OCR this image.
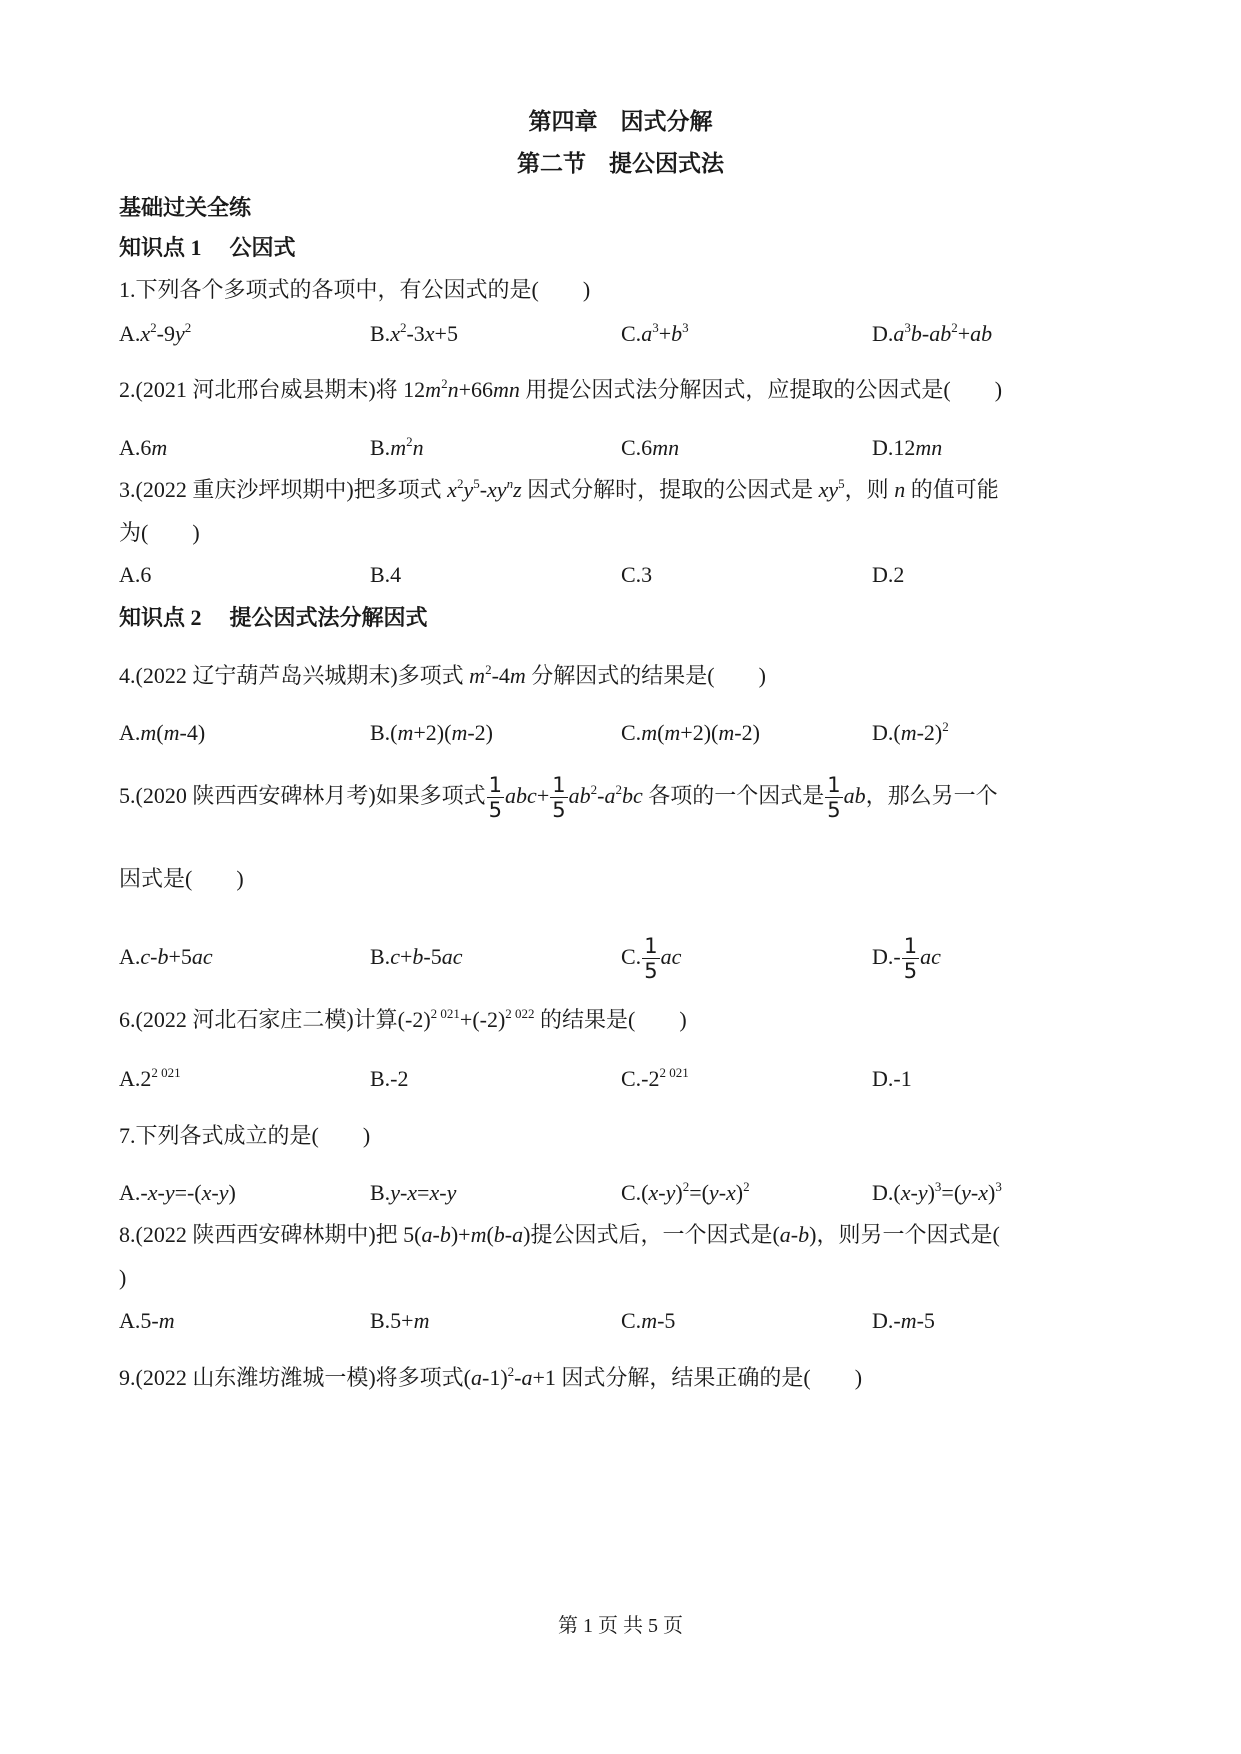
第四章　因式分解
第二节　提公因式法
基础过关全练
知识点 1 公因式
1.下列各个多项式的各项中，有公因式的是(　　)
$A.x^2-9y^2$	$B.x^2-3x+5$	$C.a^3+b^3$	$D.a^3b-ab^2+ab$
2.(2021 河北邢台威县期末)将 $12m^2n+66mn$ 用提公因式法分解因式，应提取的公因式是(　　)
A.6m	$B.m^2n$	C.6mn	D.12mn
3.(2022 重庆沙坪坝期中)把多项式 $x^2y^5-xy^nz$ 因式分解时，提取的公因式是 $xy^5$，则 n 的值可能
为(　　)
A.6	B.4	C.3	D.2
知识点 2 提公因式法分解因式
4.(2022 辽宁葫芦岛兴城期末)多项式 $m^2-4m$ 分解因式的结果是(　　)
A.m(m-4)	B.(m+2)(m-2)	C.m(m+2)(m-2)	$D.(m-2)^2$
5.(2020 陕西西安碑林月考)如果多项式 $\frac{1}{5} abc+ \frac{1}{5} ab^2-a^2bc$ 各项的一个因式是 $\frac{1}{5}$ ab，那么另一个
因式是(　　)
A.c-b+5ac	B.c+b-5ac	C. $\frac{1}{5}$ ac	$D.- \frac{1}{5}$ ac
6.(2022 河北石家庄二模)计算$(-2)^{2 021}+(-2)^{2 022}$ 的结果是(　　)
$A.2^{2 021}$	B.-2	$C.-2^{2 021}$	D.-1
7.下列各式成立的是(　　)
A.-x-y=-(x-y)	B.y-x=x-y	$C.(x-y)^2=(y-x)^2$	$D.(x-y)^3=(y-x)^3$
8.(2022 陕西西安碑林期中)把 5(a-b)+m(b-a)提公因式后，一个因式是(a-b)，则另一个因式是(
)
A.5-m	B.5+m	C.m-5	D.-m-5
9.(2022 山东潍坊潍城一模)将多项式$(a-1)^2-a+1$ 因式分解，结果正确的是(　　)
第 1 页 共 5 页
